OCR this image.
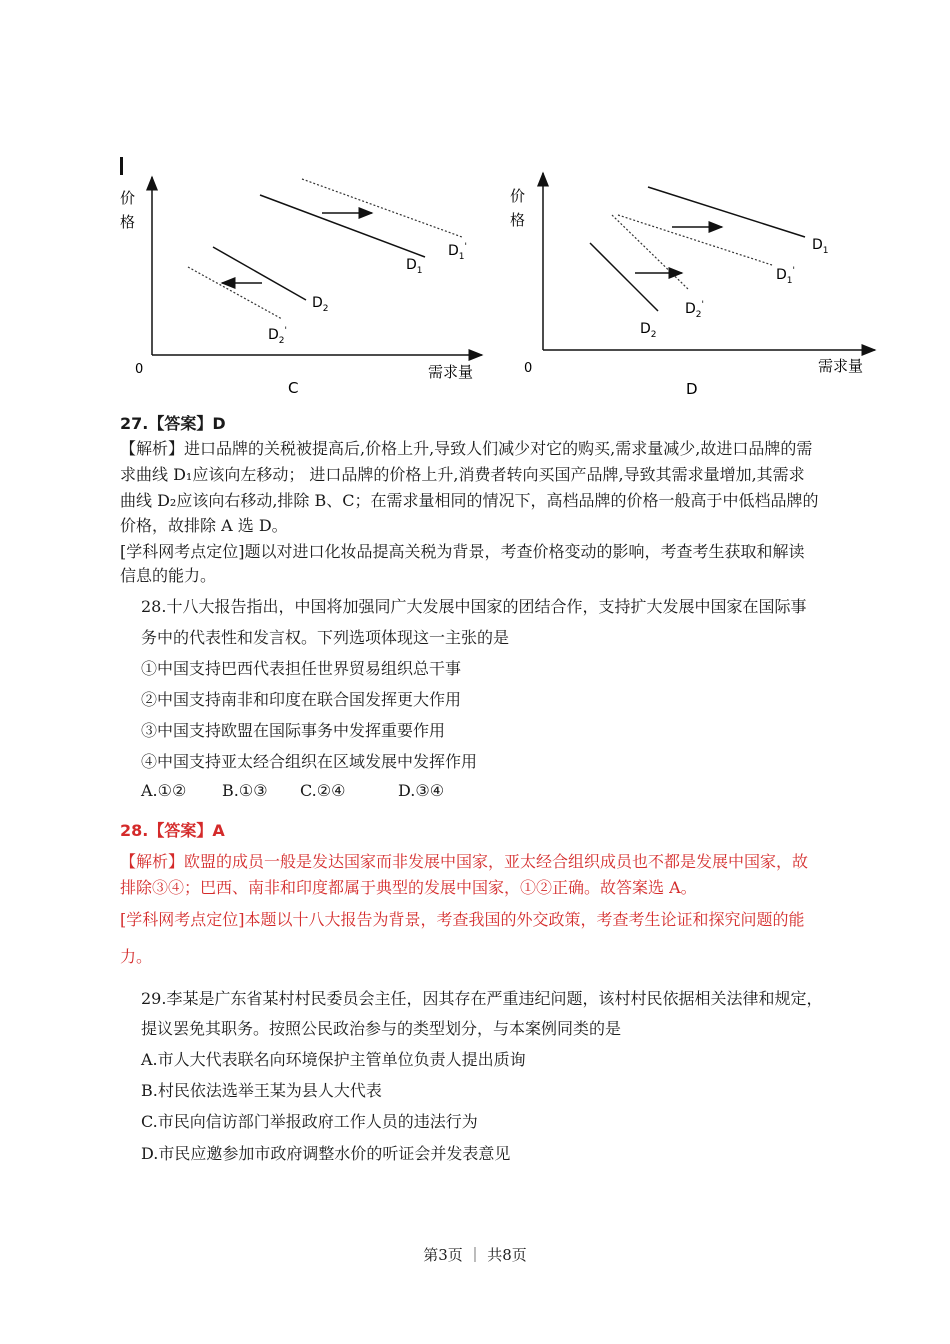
价
格
0	需求量
C
$D_1$
$D_1'$
$D_2$
$D_2'$
价
格
0	需求量
D
$D_1$
$D_1'$
$D_2$
$D_2'$
27.【答案】D
【解析】进口品牌的关税被提高后,价格上升,导致人们减少对它的购买,需求量减少,故进口品牌的需
求曲线 D₁应该向左移动； 进口品牌的价格上升,消费者转向买国产品牌,导致其需求量增加,其需求
曲线 D₂应该向右移动,排除 B、C；在需求量相同的情况下，高档品牌的价格一般高于中低档品牌的
价格，故排除 A 选 D。
[学科网考点定位]题以对进口化妆品提高关税为背景，考查价格变动的影响，考查考生获取和解读
信息的能力。
28.十八大报告指出，中国将加强同广大发展中国家的团结合作，支持扩大发展中国家在国际事
务中的代表性和发言权。下列选项体现这一主张的是
①中国支持巴西代表担任世界贸易组织总干事
②中国支持南非和印度在联合国发挥更大作用
③中国支持欧盟在国际事务中发挥重要作用
④中国支持亚太经合组织在区域发展中发挥作用
A.①② B.①③ C.②④	D.③④
28.【答案】A
【解析】欧盟的成员一般是发达国家而非发展中国家，亚太经合组织成员也不都是发展中国家，故
排除③④；巴西、南非和印度都属于典型的发展中国家，①②正确。故答案选 A。
[学科网考点定位]本题以十八大报告为背景，考查我国的外交政策，考查考生论证和探究问题的能
力。
29.李某是广东省某村村民委员会主任，因其存在严重违纪问题，该村村民依据相关法律和规定，
提议罢免其职务。按照公民政治参与的类型划分，与本案例同类的是
A.市人大代表联名向环境保护主管单位负责人提出质询
B.村民依法选举王某为县人大代表
C.市民向信访部门举报政府工作人员的违法行为
D.市民应邀参加市政府调整水价的听证会并发表意见
第3页 ｜ 共8页
